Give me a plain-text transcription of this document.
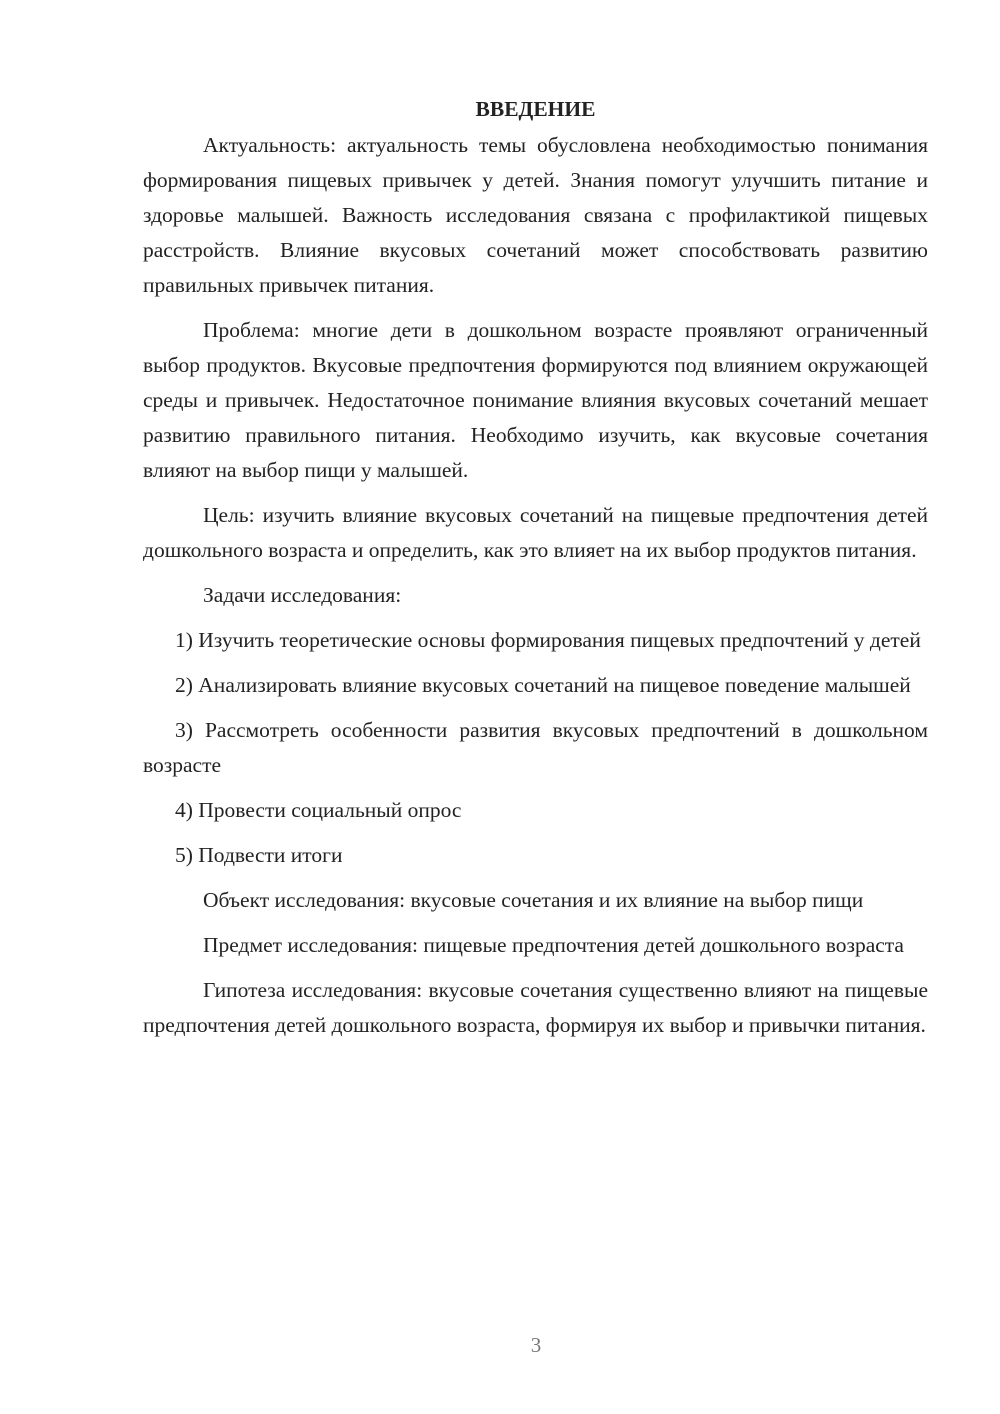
ВВЕДЕНИЕ

Актуальность: актуальность темы обусловлена необходимостью понимания формирования пищевых привычек у детей. Знания помогут улучшить питание и здоровье малышей. Важность исследования связана с профилактикой пищевых расстройств. Влияние вкусовых сочетаний может способствовать развитию правильных привычек питания.

Проблема: многие дети в дошкольном возрасте проявляют ограниченный выбор продуктов. Вкусовые предпочтения формируются под влиянием окружающей среды и привычек. Недостаточное понимание влияния вкусовых сочетаний мешает развитию правильного питания. Необходимо изучить, как вкусовые сочетания влияют на выбор пищи у малышей.

Цель: изучить влияние вкусовых сочетаний на пищевые предпочтения детей дошкольного возраста и определить, как это влияет на их выбор продуктов питания.

Задачи исследования:

1) Изучить теоретические основы формирования пищевых предпочтений у детей

2) Анализировать влияние вкусовых сочетаний на пищевое поведение малышей

3) Рассмотреть особенности развития вкусовых предпочтений в дошкольном возрасте

4) Провести социальный опрос

5) Подвести итоги

Объект исследования: вкусовые сочетания и их влияние на выбор пищи

Предмет исследования: пищевые предпочтения детей дошкольного возраста

Гипотеза исследования: вкусовые сочетания существенно влияют на пищевые предпочтения детей дошкольного возраста, формируя их выбор и привычки питания.

3
